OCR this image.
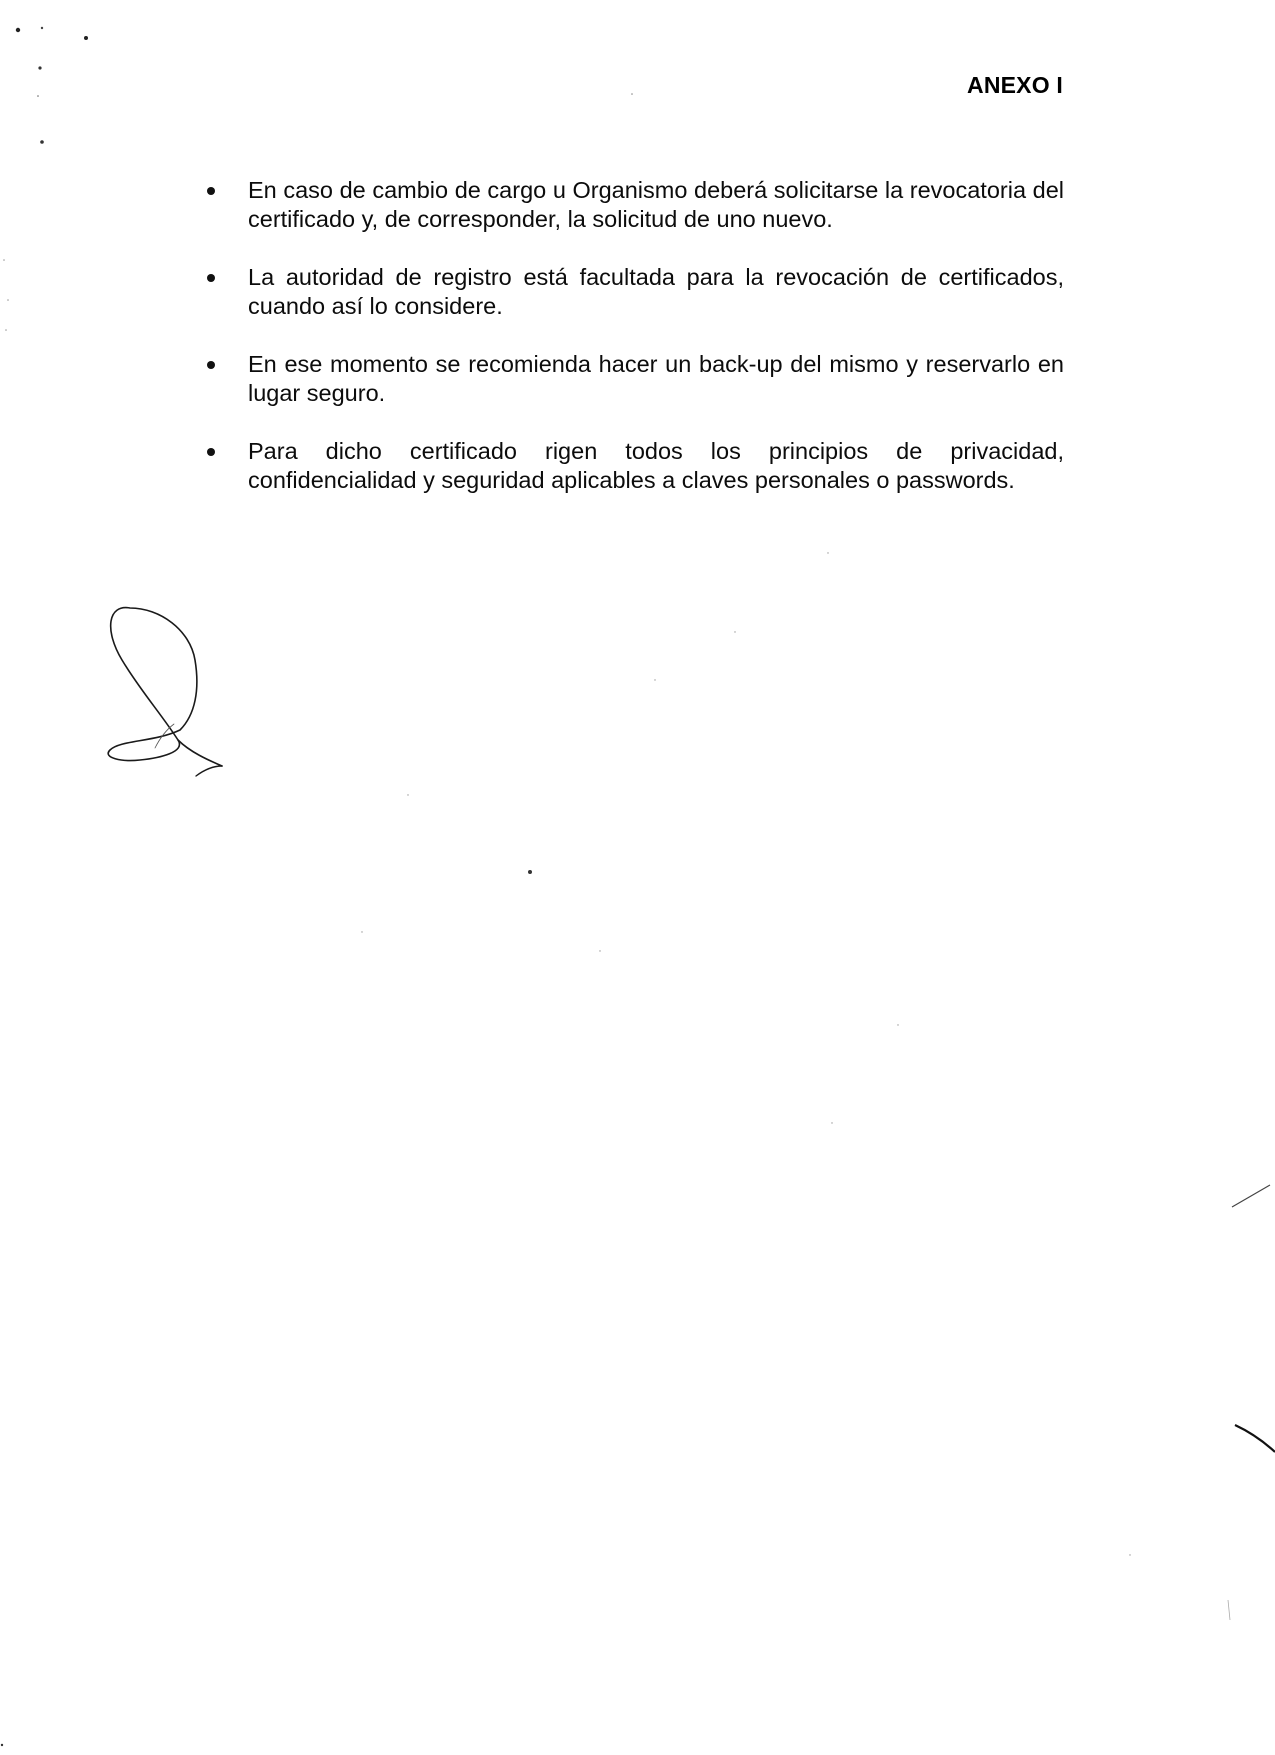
ANEXO I
En caso de cambio de cargo u Organismo deberá solicitarse la revocatoria del certificado y, de corresponder, la solicitud de uno nuevo.
La autoridad de registro está facultada para la revocación de certificados, cuando así lo considere.
En ese momento se recomienda hacer un back-up del mismo y reservarlo en lugar seguro.
Para dicho certificado rigen todos los principios de privacidad, confidencialidad y seguridad aplicables a claves personales o passwords.
